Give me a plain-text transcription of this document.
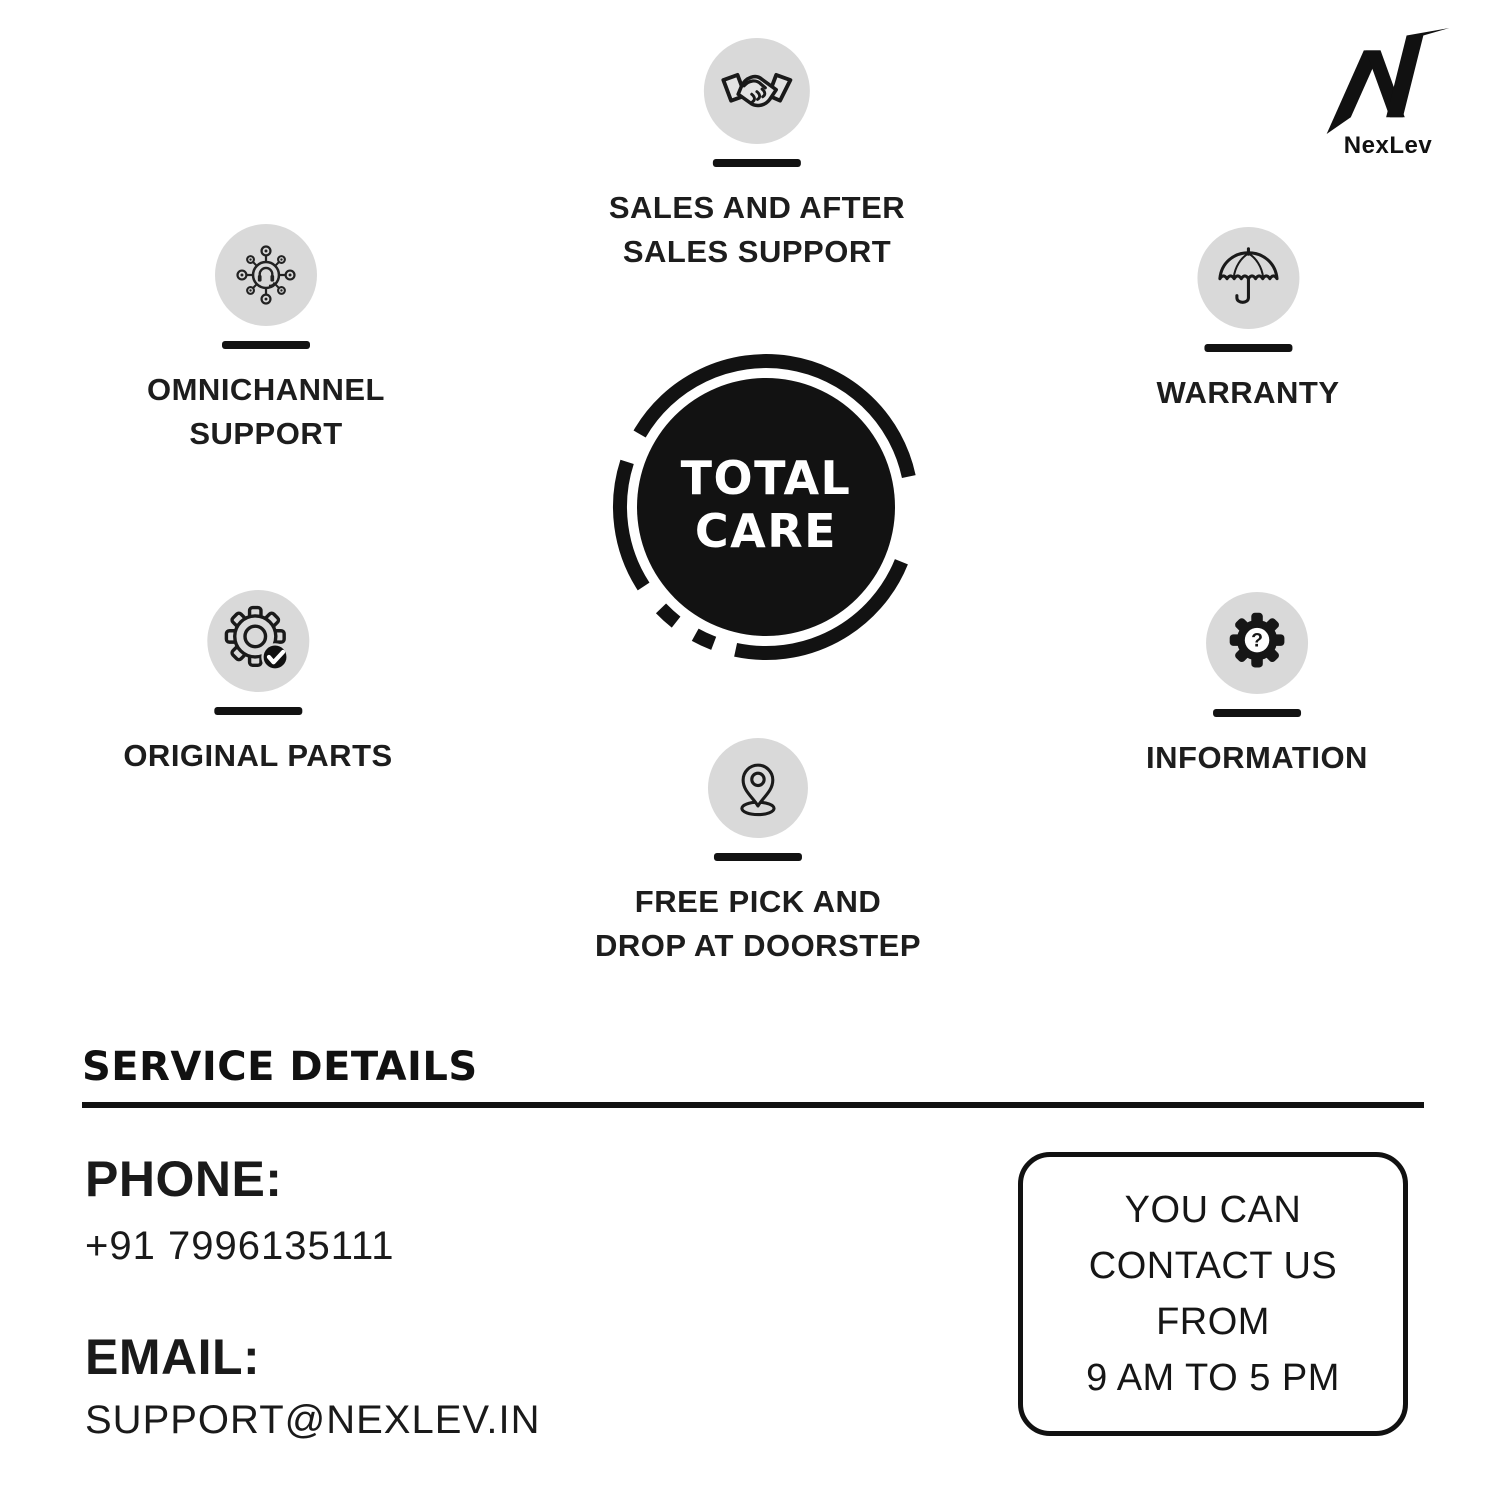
NexLev
SALES AND AFTER
SALES SUPPORT
OMNICHANNEL
SUPPORT
WARRANTY
TOTAL
CARE
ORIGINAL PARTS
?
INFORMATION
FREE PICK AND
DROP AT DOORSTEP
SERVICE DETAILS
PHONE:
+91 7996135111
EMAIL:
SUPPORT@NEXLEV.IN
YOU CAN
CONTACT US
FROM
9 AM TO 5 PM
